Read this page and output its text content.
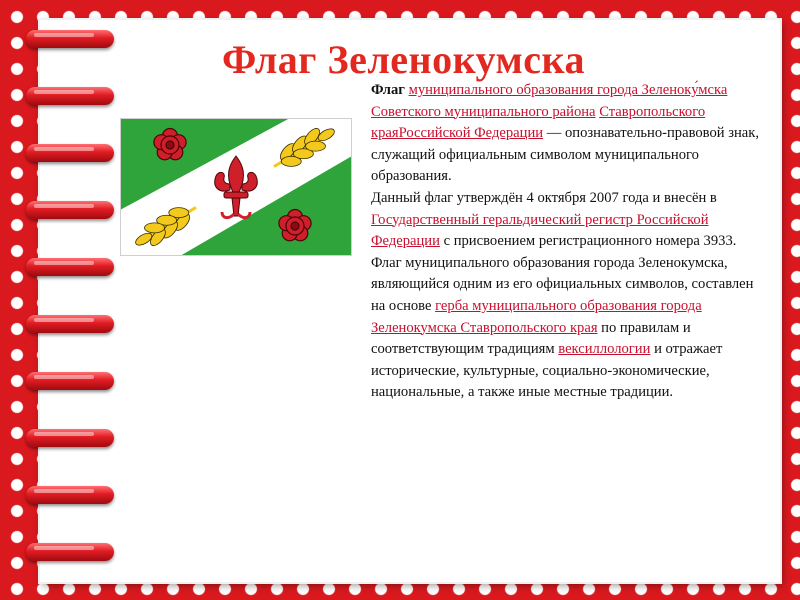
Флаг Зеленокумска

Флаг муниципального образования города Зеленоку́мска Советского муниципального района Ставропольского краяРоссийской Федерации — опознавательно-правовой знак, служащий официальным символом муниципального образования.

Данный флаг утверждён 4 октября 2007 года и внесён в Государственный геральдический регистр Российской Федерации с присвоением регистрационного номера 3933.

Флаг муниципального образования города Зеленокумска, являющийся одним из его официальных символов, составлен на основе герба муниципального образования города Зеленокумска Ставропольского края по правилам и соответствующим традициям вексиллологии и отражает исторические, культурные, социально-экономические, национальные, а также иные местные традиции.
